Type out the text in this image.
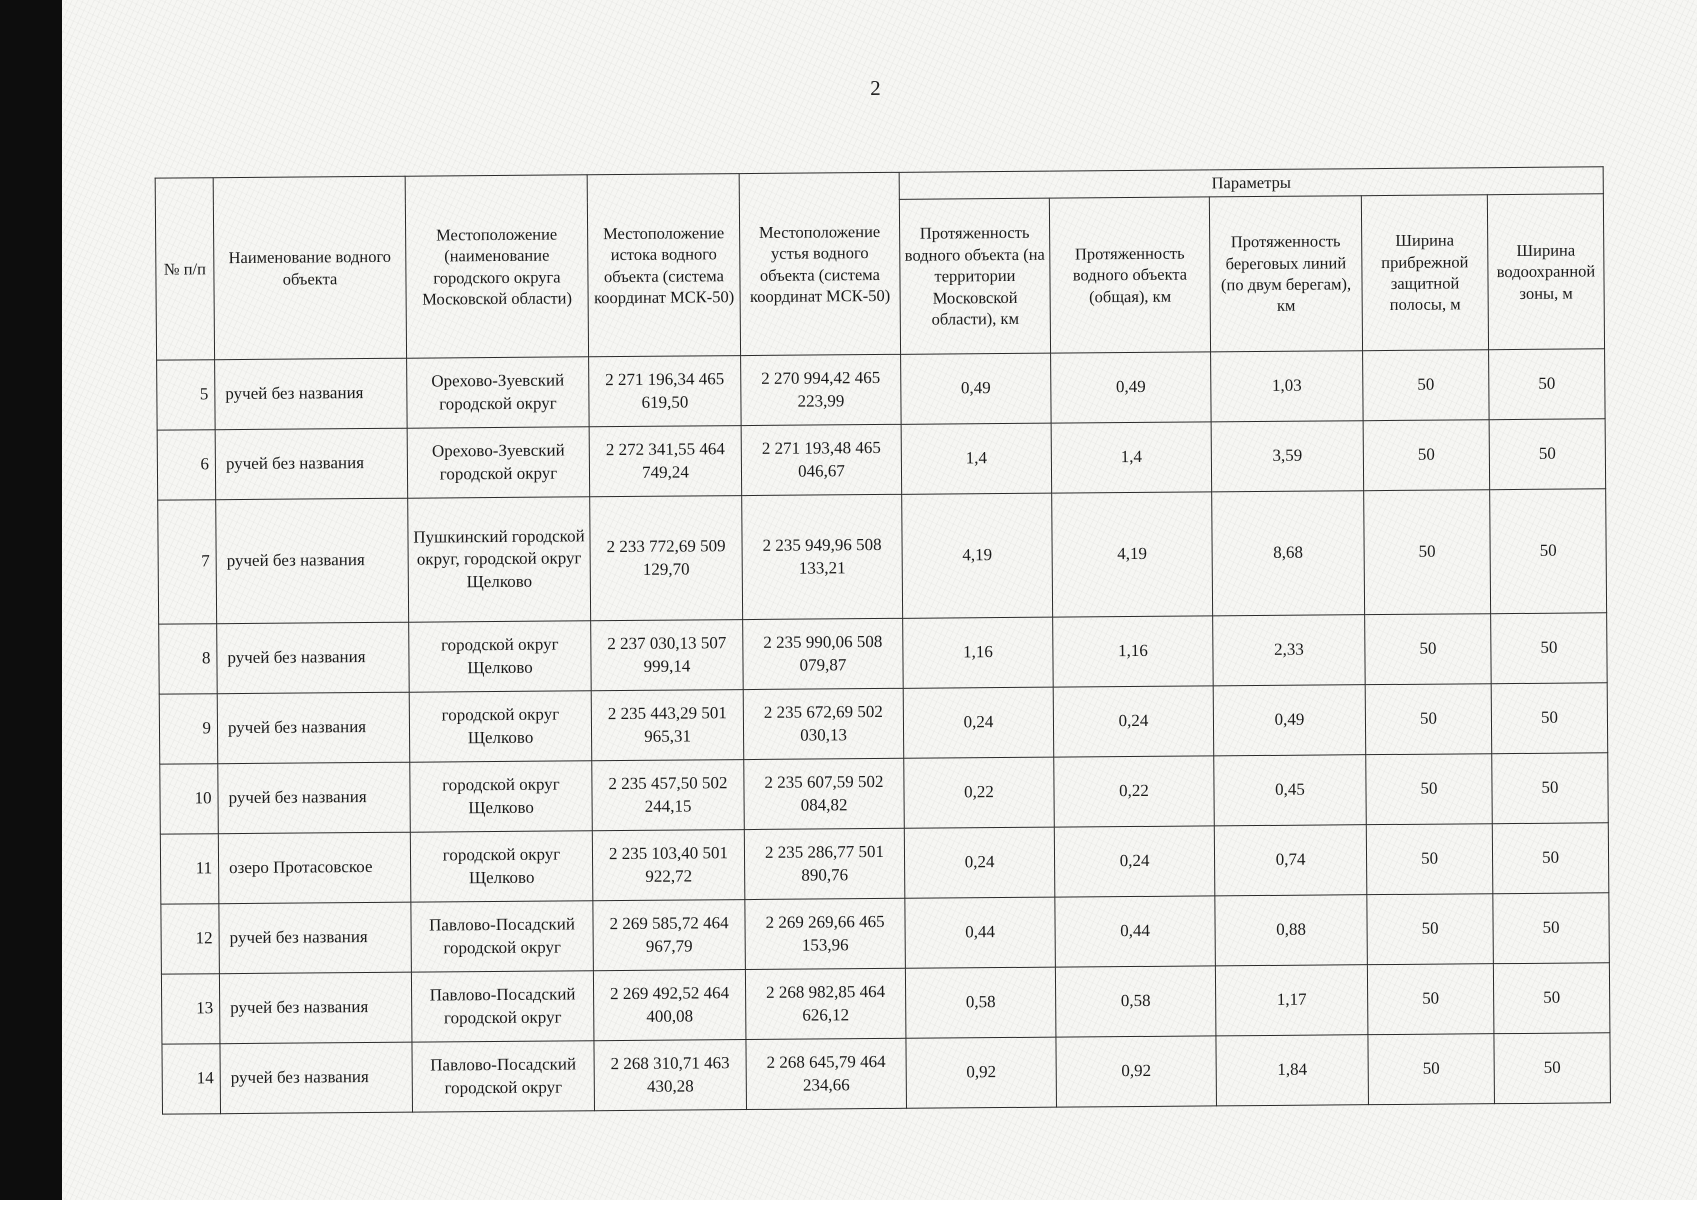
2
№ п/п	Наименование водного объекта	Местоположение (наименование городского округа Московской области)	Местоположение истока водного объекта (система координат МСК-50)	Местоположение устья водного объекта (система координат МСК-50)	Параметры				
					Протяженность водного объекта (на территории Московской области), км	Протяженность водного объекта (общая), км	Протяженность береговых линий (по двум берегам), км	Ширина прибрежной защитной полосы, м	Ширина водоохранной зоны, м
5	ручей без названия	Орехово-Зуевский городской округ	2 271 196,34 465 619,50	2 270 994,42 465 223,99	0,49	0,49	1,03	50	50
6	ручей без названия	Орехово-Зуевский городской округ	2 272 341,55 464 749,24	2 271 193,48 465 046,67	1,4	1,4	3,59	50	50
7	ручей без названия	Пушкинский городской округ, городской округ Щелково	2 233 772,69 509 129,70	2 235 949,96 508 133,21	4,19	4,19	8,68	50	50
8	ручей без названия	городской округ Щелково	2 237 030,13 507 999,14	2 235 990,06 508 079,87	1,16	1,16	2,33	50	50
9	ручей без названия	городской округ Щелково	2 235 443,29 501 965,31	2 235 672,69 502 030,13	0,24	0,24	0,49	50	50
10	ручей без названия	городской округ Щелково	2 235 457,50 502 244,15	2 235 607,59 502 084,82	0,22	0,22	0,45	50	50
11	озеро Протасовское	городской округ Щелково	2 235 103,40 501 922,72	2 235 286,77 501 890,76	0,24	0,24	0,74	50	50
12	ручей без названия	Павлово-Посадский городской округ	2 269 585,72 464 967,79	2 269 269,66 465 153,96	0,44	0,44	0,88	50	50
13	ручей без названия	Павлово-Посадский городской округ	2 269 492,52 464 400,08	2 268 982,85 464 626,12	0,58	0,58	1,17	50	50
14	ручей без названия	Павлово-Посадский городской округ	2 268 310,71 463 430,28	2 268 645,79 464 234,66	0,92	0,92	1,84	50	50
